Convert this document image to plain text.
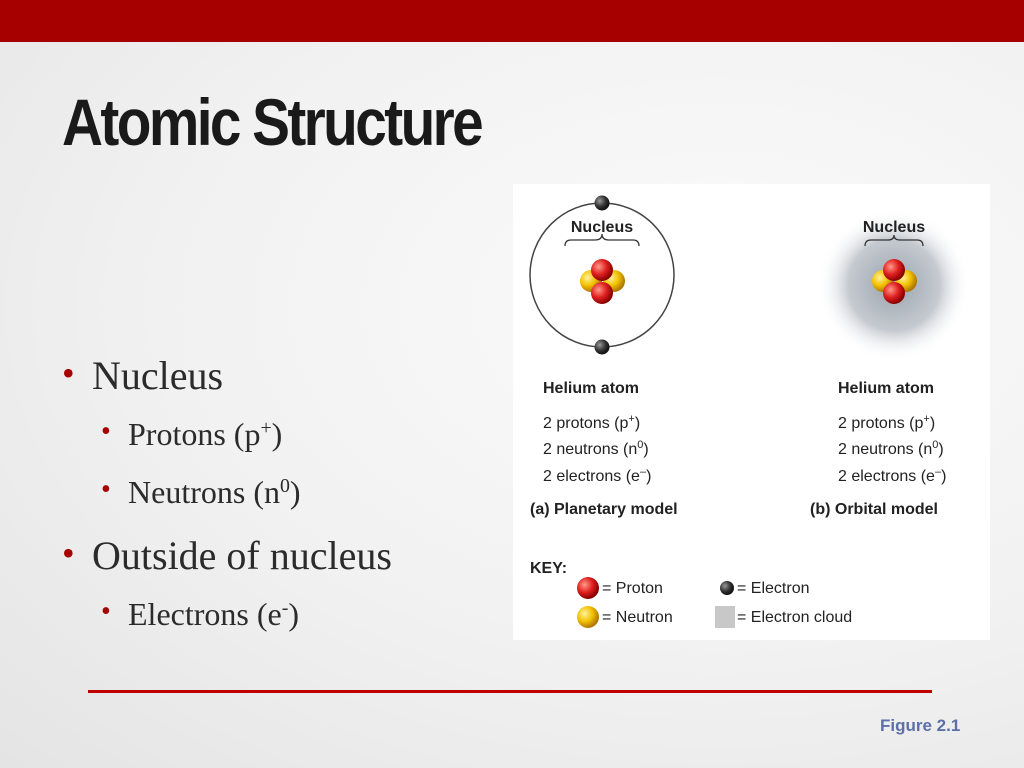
Atomic Structure
• Nucleus
• Protons (p+)
• Neutrons $(n^0)$
• Outside of nucleus
• Electrons (e-)
Nucleus	Nucleus
Helium atom
2 protons (p+)
2 neutrons $(n^0)$
2 electrons (e–)
(a) Planetary model
Helium atom
2 protons (p+)
2 neutrons $(n^0)$
2 electrons (e–)
(b) Orbital model
KEY:
= Proton
= Neutron
= Electron
= Electron cloud
Figure 2.1
